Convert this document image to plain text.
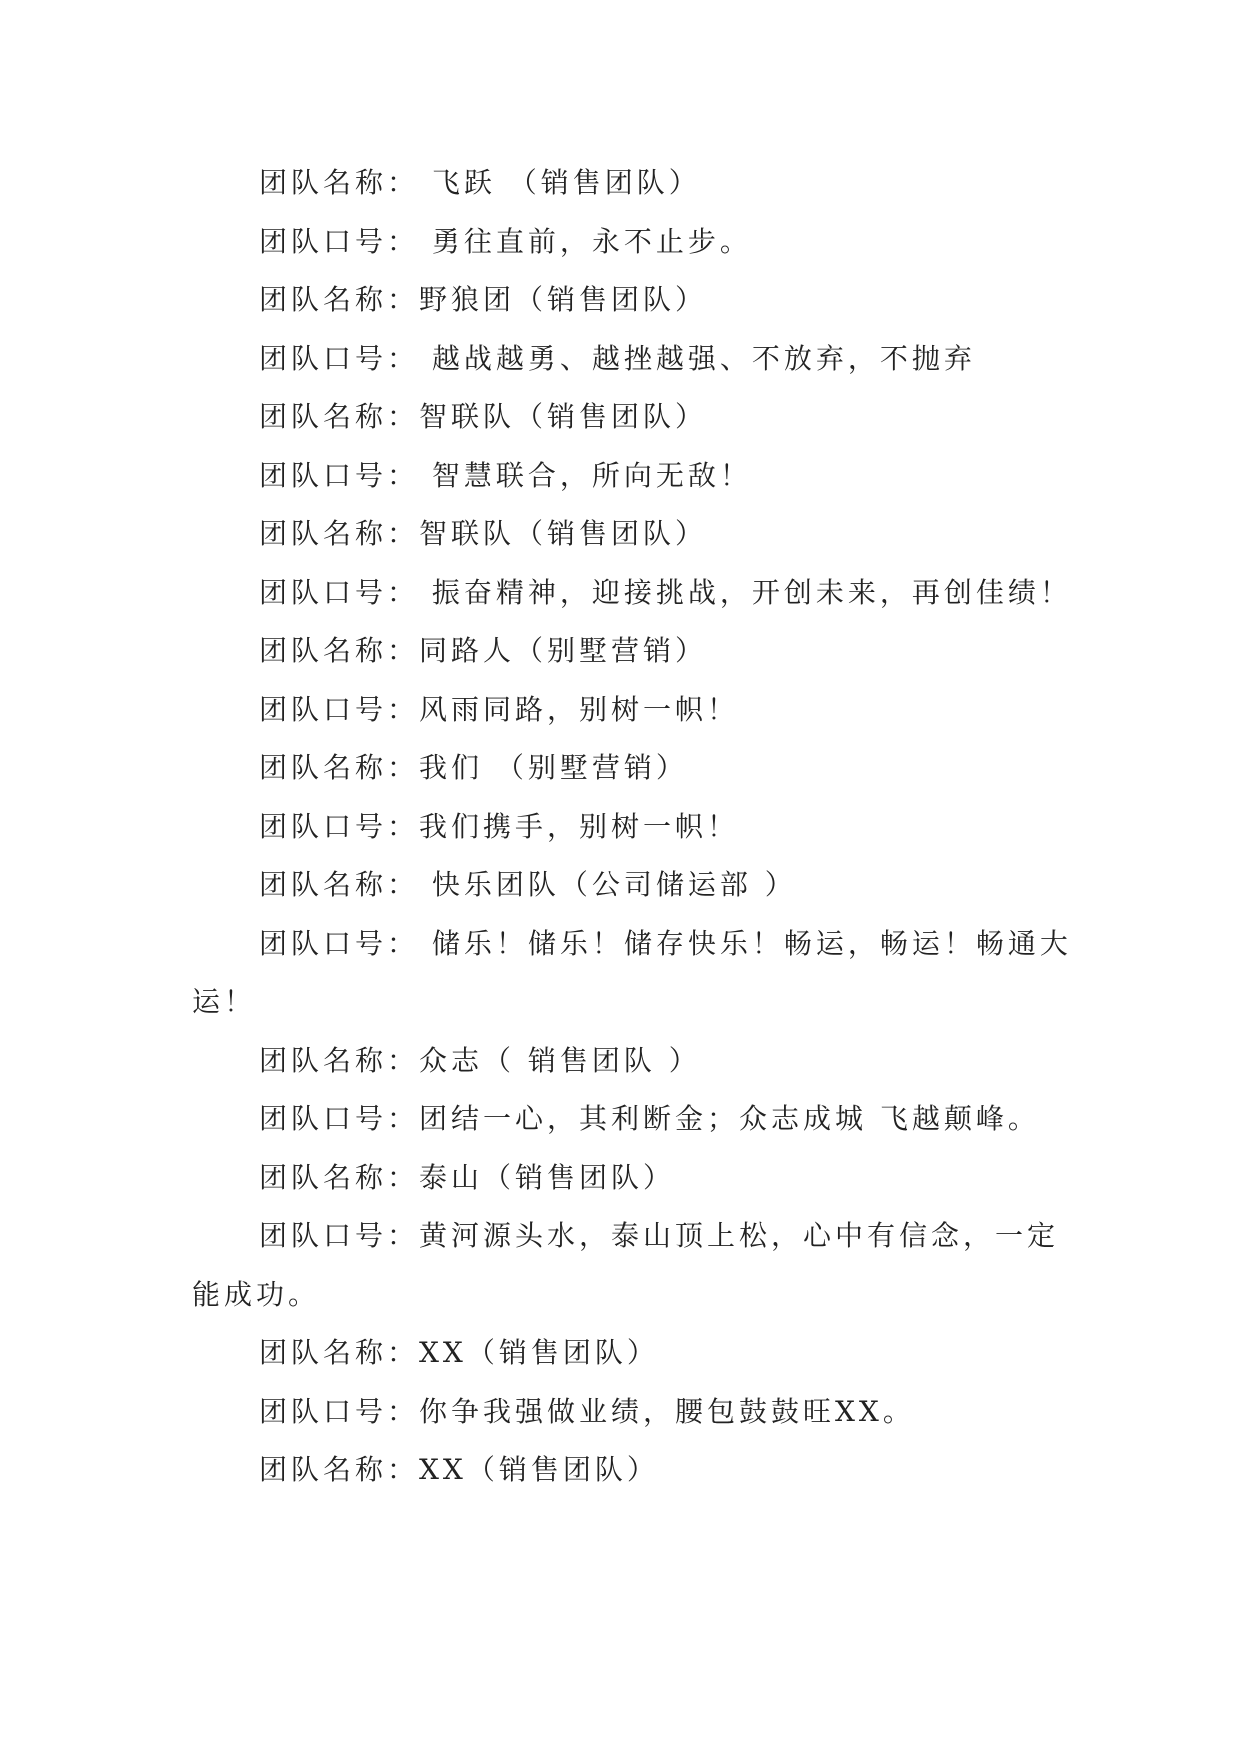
团队名称： 飞跃 （销售团队）

团队口号： 勇往直前，永不止步。

团队名称：野狼团（销售团队）

团队口号： 越战越勇、越挫越强、不放弃，不抛弃

团队名称：智联队（销售团队）

团队口号： 智慧联合，所向无敌！

团队名称：智联队（销售团队）

团队口号： 振奋精神，迎接挑战，开创未来，再创佳绩！

团队名称：同路人（别墅营销）

团队口号：风雨同路，别树一帜！

团队名称：我们 （别墅营销）

团队口号：我们携手，别树一帜！

团队名称： 快乐团队（公司储运部 ）

团队口号： 储乐！储乐！储存快乐！畅运，畅运！畅通大运！

团队名称：众志（ 销售团队 ）

团队口号：团结一心，其利断金；众志成城 飞越颠峰。

团队名称：泰山（销售团队）

团队口号：黄河源头水，泰山顶上松，心中有信念，一定能成功。

团队名称：XX（销售团队）

团队口号：你争我强做业绩，腰包鼓鼓旺XX。

团队名称：XX（销售团队）
